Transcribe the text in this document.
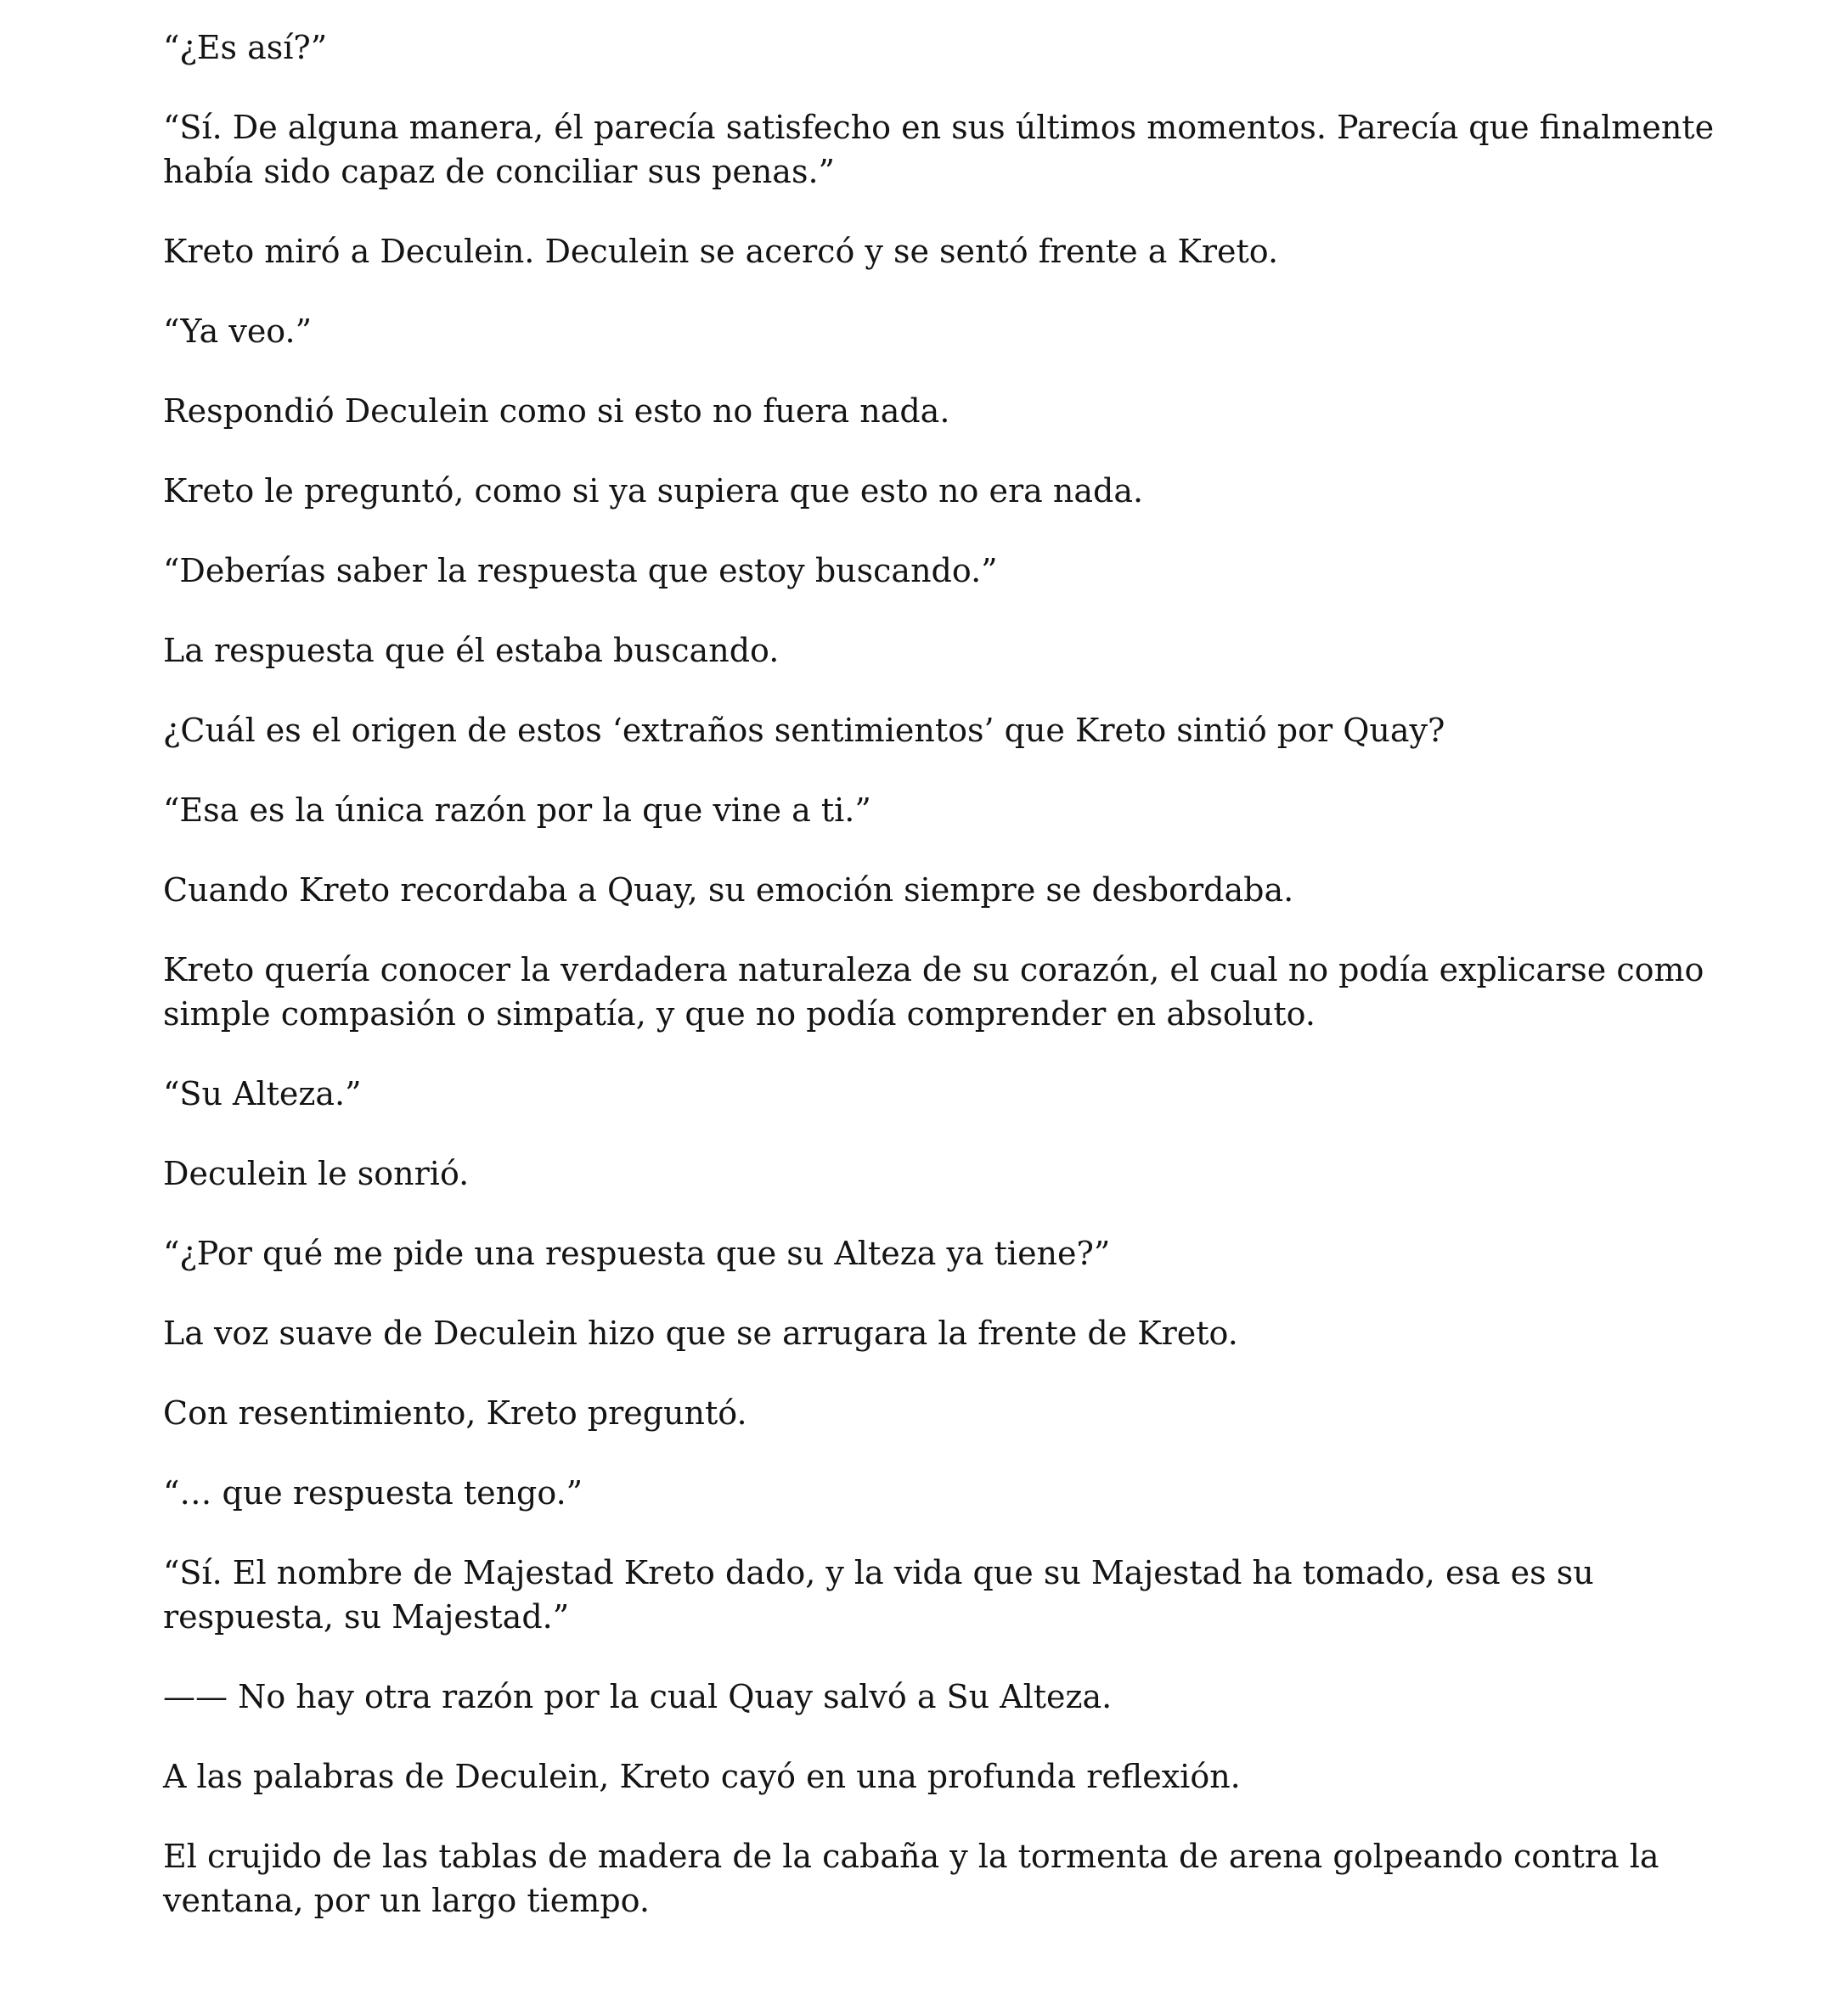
“¿Es así?”

“Sí. De alguna manera, él parecía satisfecho en sus últimos momentos. Parecía que finalmente había sido capaz de conciliar sus penas.”

Kreto miró a Deculein. Deculein se acercó y se sentó frente a Kreto.

“Ya veo.”

Respondió Deculein como si esto no fuera nada.

Kreto le preguntó, como si ya supiera que esto no era nada.

“Deberías saber la respuesta que estoy buscando.”

La respuesta que él estaba buscando.

¿Cuál es el origen de estos ‘extraños sentimientos’ que Kreto sintió por Quay?

“Esa es la única razón por la que vine a ti.”

Cuando Kreto recordaba a Quay, su emoción siempre se desbordaba.

Kreto quería conocer la verdadera naturaleza de su corazón, el cual no podía explicarse como simple compasión o simpatía, y que no podía comprender en absoluto.

“Su Alteza.”

Deculein le sonrió.

“¿Por qué me pide una respuesta que su Alteza ya tiene?”

La voz suave de Deculein hizo que se arrugara la frente de Kreto.

Con resentimiento, Kreto preguntó.

“… que respuesta tengo.”

“Sí. El nombre de Majestad Kreto dado, y la vida que su Majestad ha tomado, esa es su respuesta, su Majestad.”

—— No hay otra razón por la cual Quay salvó a Su Alteza.

A las palabras de Deculein, Kreto cayó en una profunda reflexión.

El crujido de las tablas de madera de la cabaña y la tormenta de arena golpeando contra la ventana, por un largo tiempo.
